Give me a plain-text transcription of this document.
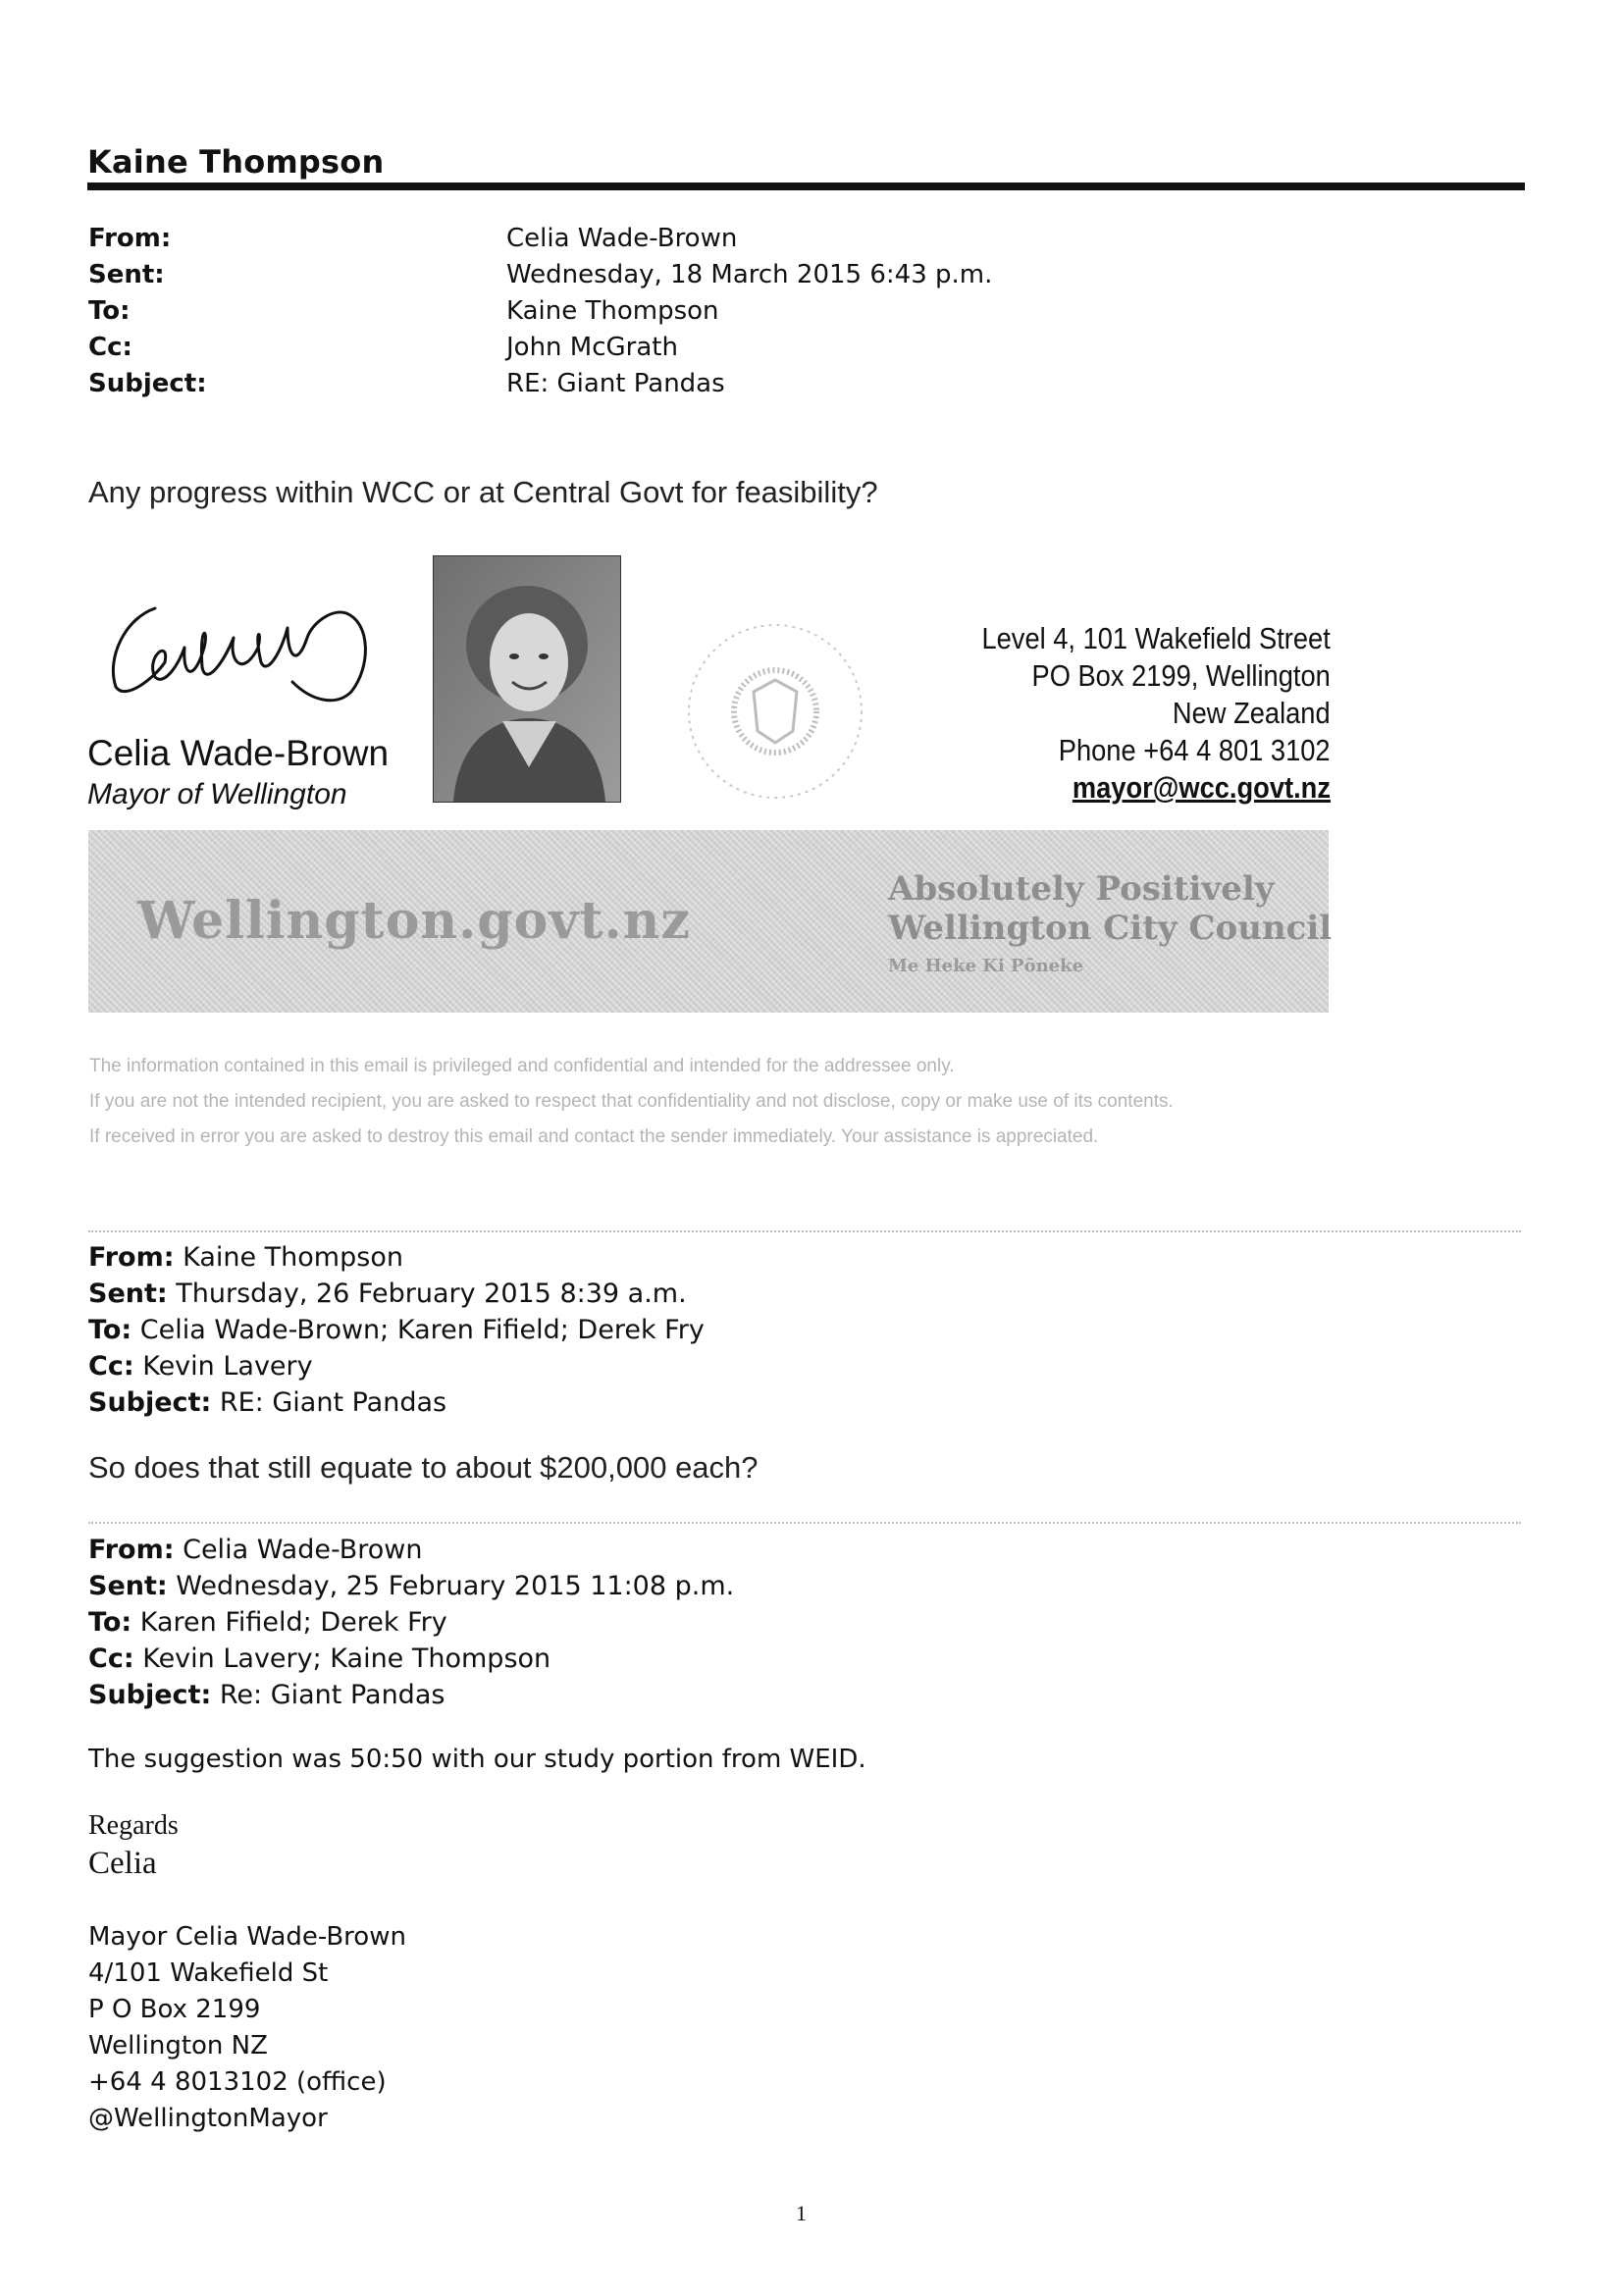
Kaine Thompson
From:	Celia Wade-Brown
Sent:	Wednesday, 18 March 2015 6:43 p.m.
To:	Kaine Thompson
Cc:	John McGrath
Subject:	RE: Giant Pandas
Any progress within WCC or at Central Govt for feasibility?
Celia Wade-Brown
Mayor of Wellington
Level 4, 101 Wakefield Street
PO Box 2199, Wellington
New Zealand
Phone +64 4 801 3102
mayor@wcc.govt.nz
Wellington.govt.nz
Absolutely Positively
Wellington City Council
Me Heke Ki Pōneke
The information contained in this email is privileged and confidential and intended for the addressee only.
If you are not the intended recipient, you are asked to respect that confidentiality and not disclose, copy or make use of its contents.
If received in error you are asked to destroy this email and contact the sender immediately. Your assistance is appreciated.
From: Kaine Thompson
Sent: Thursday, 26 February 2015 8:39 a.m.
To: Celia Wade-Brown; Karen Fifield; Derek Fry
Cc: Kevin Lavery
Subject: RE: Giant Pandas
So does that still equate to about $200,000 each?
From: Celia Wade-Brown
Sent: Wednesday, 25 February 2015 11:08 p.m.
To: Karen Fifield; Derek Fry
Cc: Kevin Lavery; Kaine Thompson
Subject: Re: Giant Pandas
The suggestion was 50:50 with our study portion from WEID.
Regards
Celia
Mayor Celia Wade-Brown
4/101 Wakefield St
P O Box 2199
Wellington NZ
+64 4 8013102 (office)
@WellingtonMayor
1
